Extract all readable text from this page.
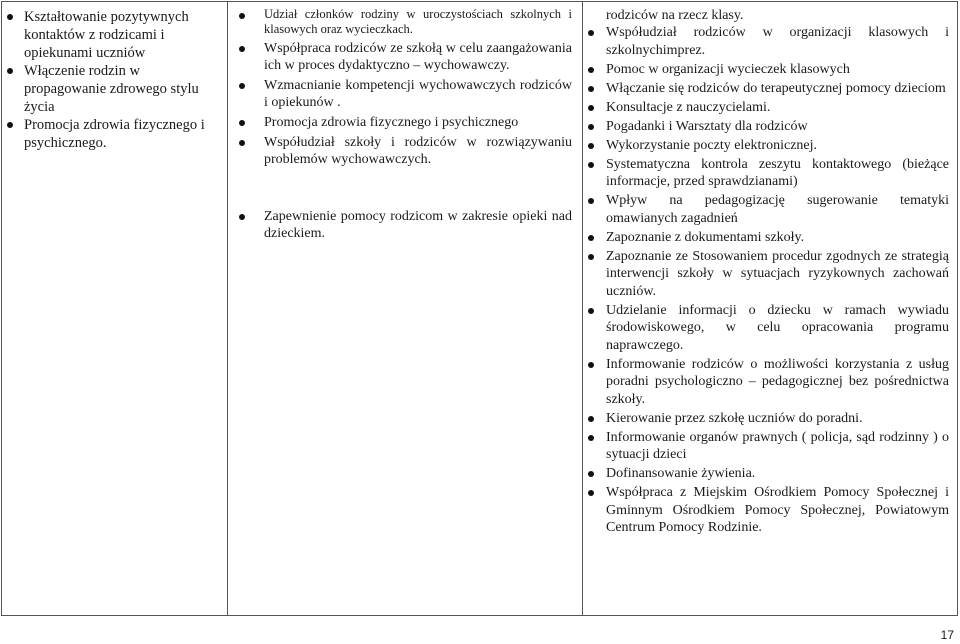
Kształtowanie pozytywnych kontaktów z rodzicami i opiekunami uczniów
Włączenie rodzin w propagowanie zdrowego stylu życia
Promocja zdrowia fizycznego i psychicznego.
Udział członków rodziny w uroczystościach szkolnych i klasowych oraz wycieczkach.
Współpraca rodziców ze szkołą w celu zaangażowania ich w proces dydaktyczno – wychowawczy.
Wzmacnianie kompetencji wychowawczych rodziców i opiekunów .
Promocja zdrowia fizycznego i psychicznego
Współudział szkoły i rodziców w rozwiązywaniu problemów wychowawczych.
Zapewnienie pomocy rodzicom w zakresie opieki nad dzieckiem.
rodziców na rzecz klasy.
Współudział rodziców w organizacji klasowych i szkolnychimprez.
Pomoc w organizacji wycieczek klasowych
Włączanie się rodziców do terapeutycznej pomocy dzieciom
Konsultacje z nauczycielami.
Pogadanki i Warsztaty dla rodziców
Wykorzystanie poczty elektronicznej.
Systematyczna kontrola zeszytu kontaktowego (bieżące informacje, przed sprawdzianami)
Wpływ na pedagogizację sugerowanie tematyki omawianych zagadnień
Zapoznanie z dokumentami szkoły.
Zapoznanie ze Stosowaniem procedur zgodnych ze strategią interwencji szkoły w sytuacjach ryzykownych zachowań uczniów.
Udzielanie informacji o dziecku w ramach wywiadu środowiskowego, w celu opracowania programu naprawczego.
Informowanie rodziców o możliwości korzystania z usług poradni psychologiczno – pedagogicznej bez pośrednictwa szkoły.
Kierowanie przez szkołę uczniów do poradni.
Informowanie organów prawnych ( policja, sąd rodzinny ) o sytuacji dzieci
Dofinansowanie żywienia.
Współpraca z Miejskim Ośrodkiem Pomocy Społecznej i Gminnym Ośrodkiem Pomocy Społecznej, Powiatowym Centrum Pomocy Rodzinie.
17
